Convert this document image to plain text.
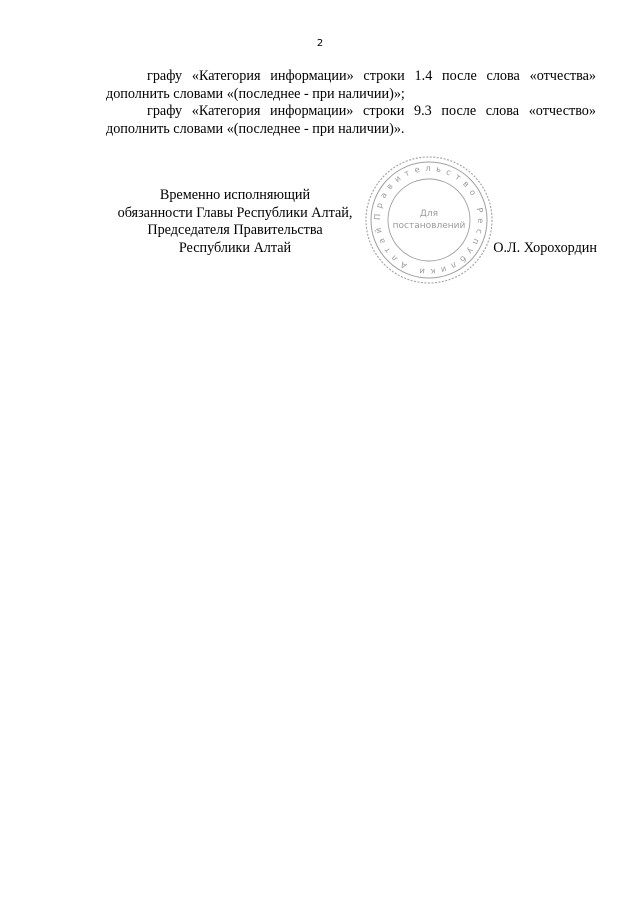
2

графу «Категория информации» строки 1.4 после слова «отчества» дополнить словами «(последнее - при наличии)»;

графу «Категория информации» строки 9.3 после слова «отчество» дополнить словами «(последнее - при наличии)».

Временно исполняющий
обязанности Главы Республики Алтай,
Председателя Правительства
Республики Алтай
Правительство Республики Алтай
Для
постановлений
О.Л. Хорохордин
